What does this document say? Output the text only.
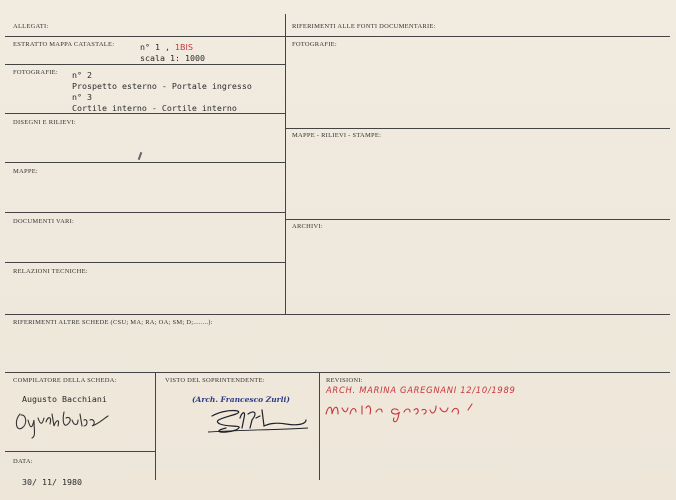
ALLEGATI:
ESTRATTO MAPPA CATASTALE:	n° 1 , 1BIS
scala 1: 1000
FOTOGRAFIE: n° 2
Prospetto esterno - Portale ingresso
n° 3
Cortile interno - Cortile interno
DISEGNI E RILIEVI:
MAPPE:
DOCUMENTI VARI:
RELAZIONI TECNICHE:
RIFERIMENTI ALLE FONTI DOCUMENTARIE:
FOTOGRAFIE:
MAPPE - RILIEVI - STAMPE:
ARCHIVI:
RIFERIMENTI ALTRE SCHEDE (CSU; MA; RA; OA; SM; D;........):
COMPILATORE DELLA SCHEDA:
Augusto Bacchiani
VISTO DEL SOPRINTENDENTE:
(Arch. Francesco Zurli)
REVISIONI:
ARCH. MARINA GAREGNANI 12/10/1989
DATA:
30/ 11/ 1980
